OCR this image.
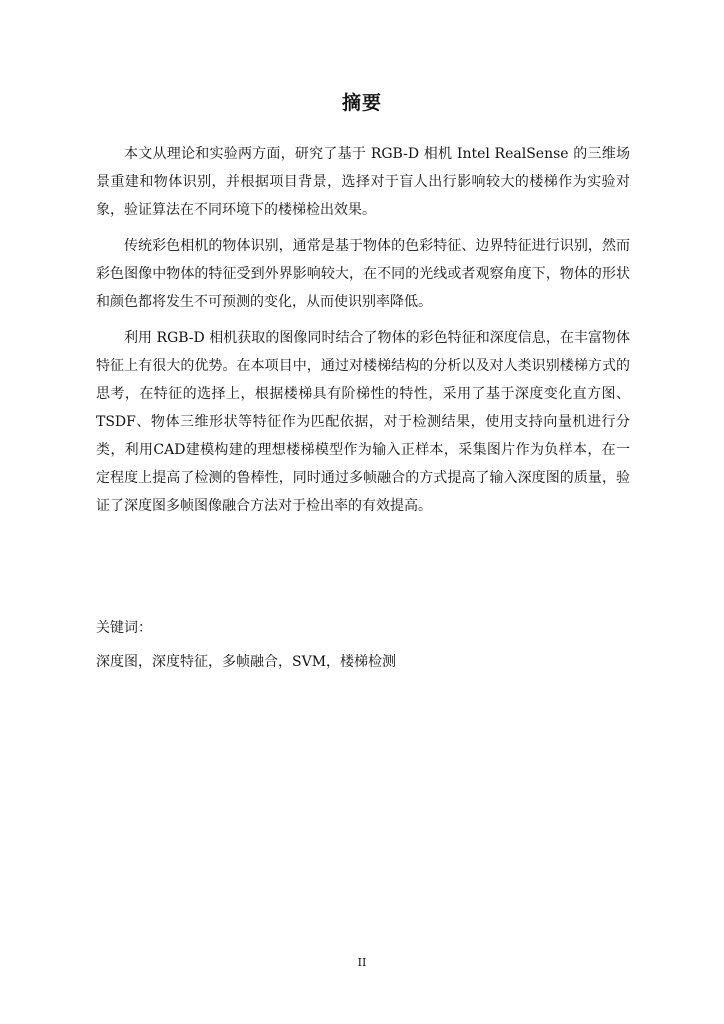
摘要

本文从理论和实验两方面，研究了基于 RGB-D 相机 Intel RealSense 的三维场景重建和物体识别，并根据项目背景，选择对于盲人出行影响较大的楼梯作为实验对象，验证算法在不同环境下的楼梯检出效果。

传统彩色相机的物体识别，通常是基于物体的色彩特征、边界特征进行识别，然而彩色图像中物体的特征受到外界影响较大，在不同的光线或者观察角度下，物体的形状和颜色都将发生不可预测的变化，从而使识别率降低。

利用 RGB-D 相机获取的图像同时结合了物体的彩色特征和深度信息，在丰富物体特征上有很大的优势。在本项目中，通过对楼梯结构的分析以及对人类识别楼梯方式的思考，在特征的选择上，根据楼梯具有阶梯性的特性，采用了基于深度变化直方图、TSDF、物体三维形状等特征作为匹配依据，对于检测结果，使用支持向量机进行分类，利用CAD建模构建的理想楼梯模型作为输入正样本，采集图片作为负样本，在一定程度上提高了检测的鲁棒性，同时通过多帧融合的方式提高了输入深度图的质量，验证了深度图多帧图像融合方法对于检出率的有效提高。

关键词：
深度图，深度特征，多帧融合，SVM，楼梯检测
II
